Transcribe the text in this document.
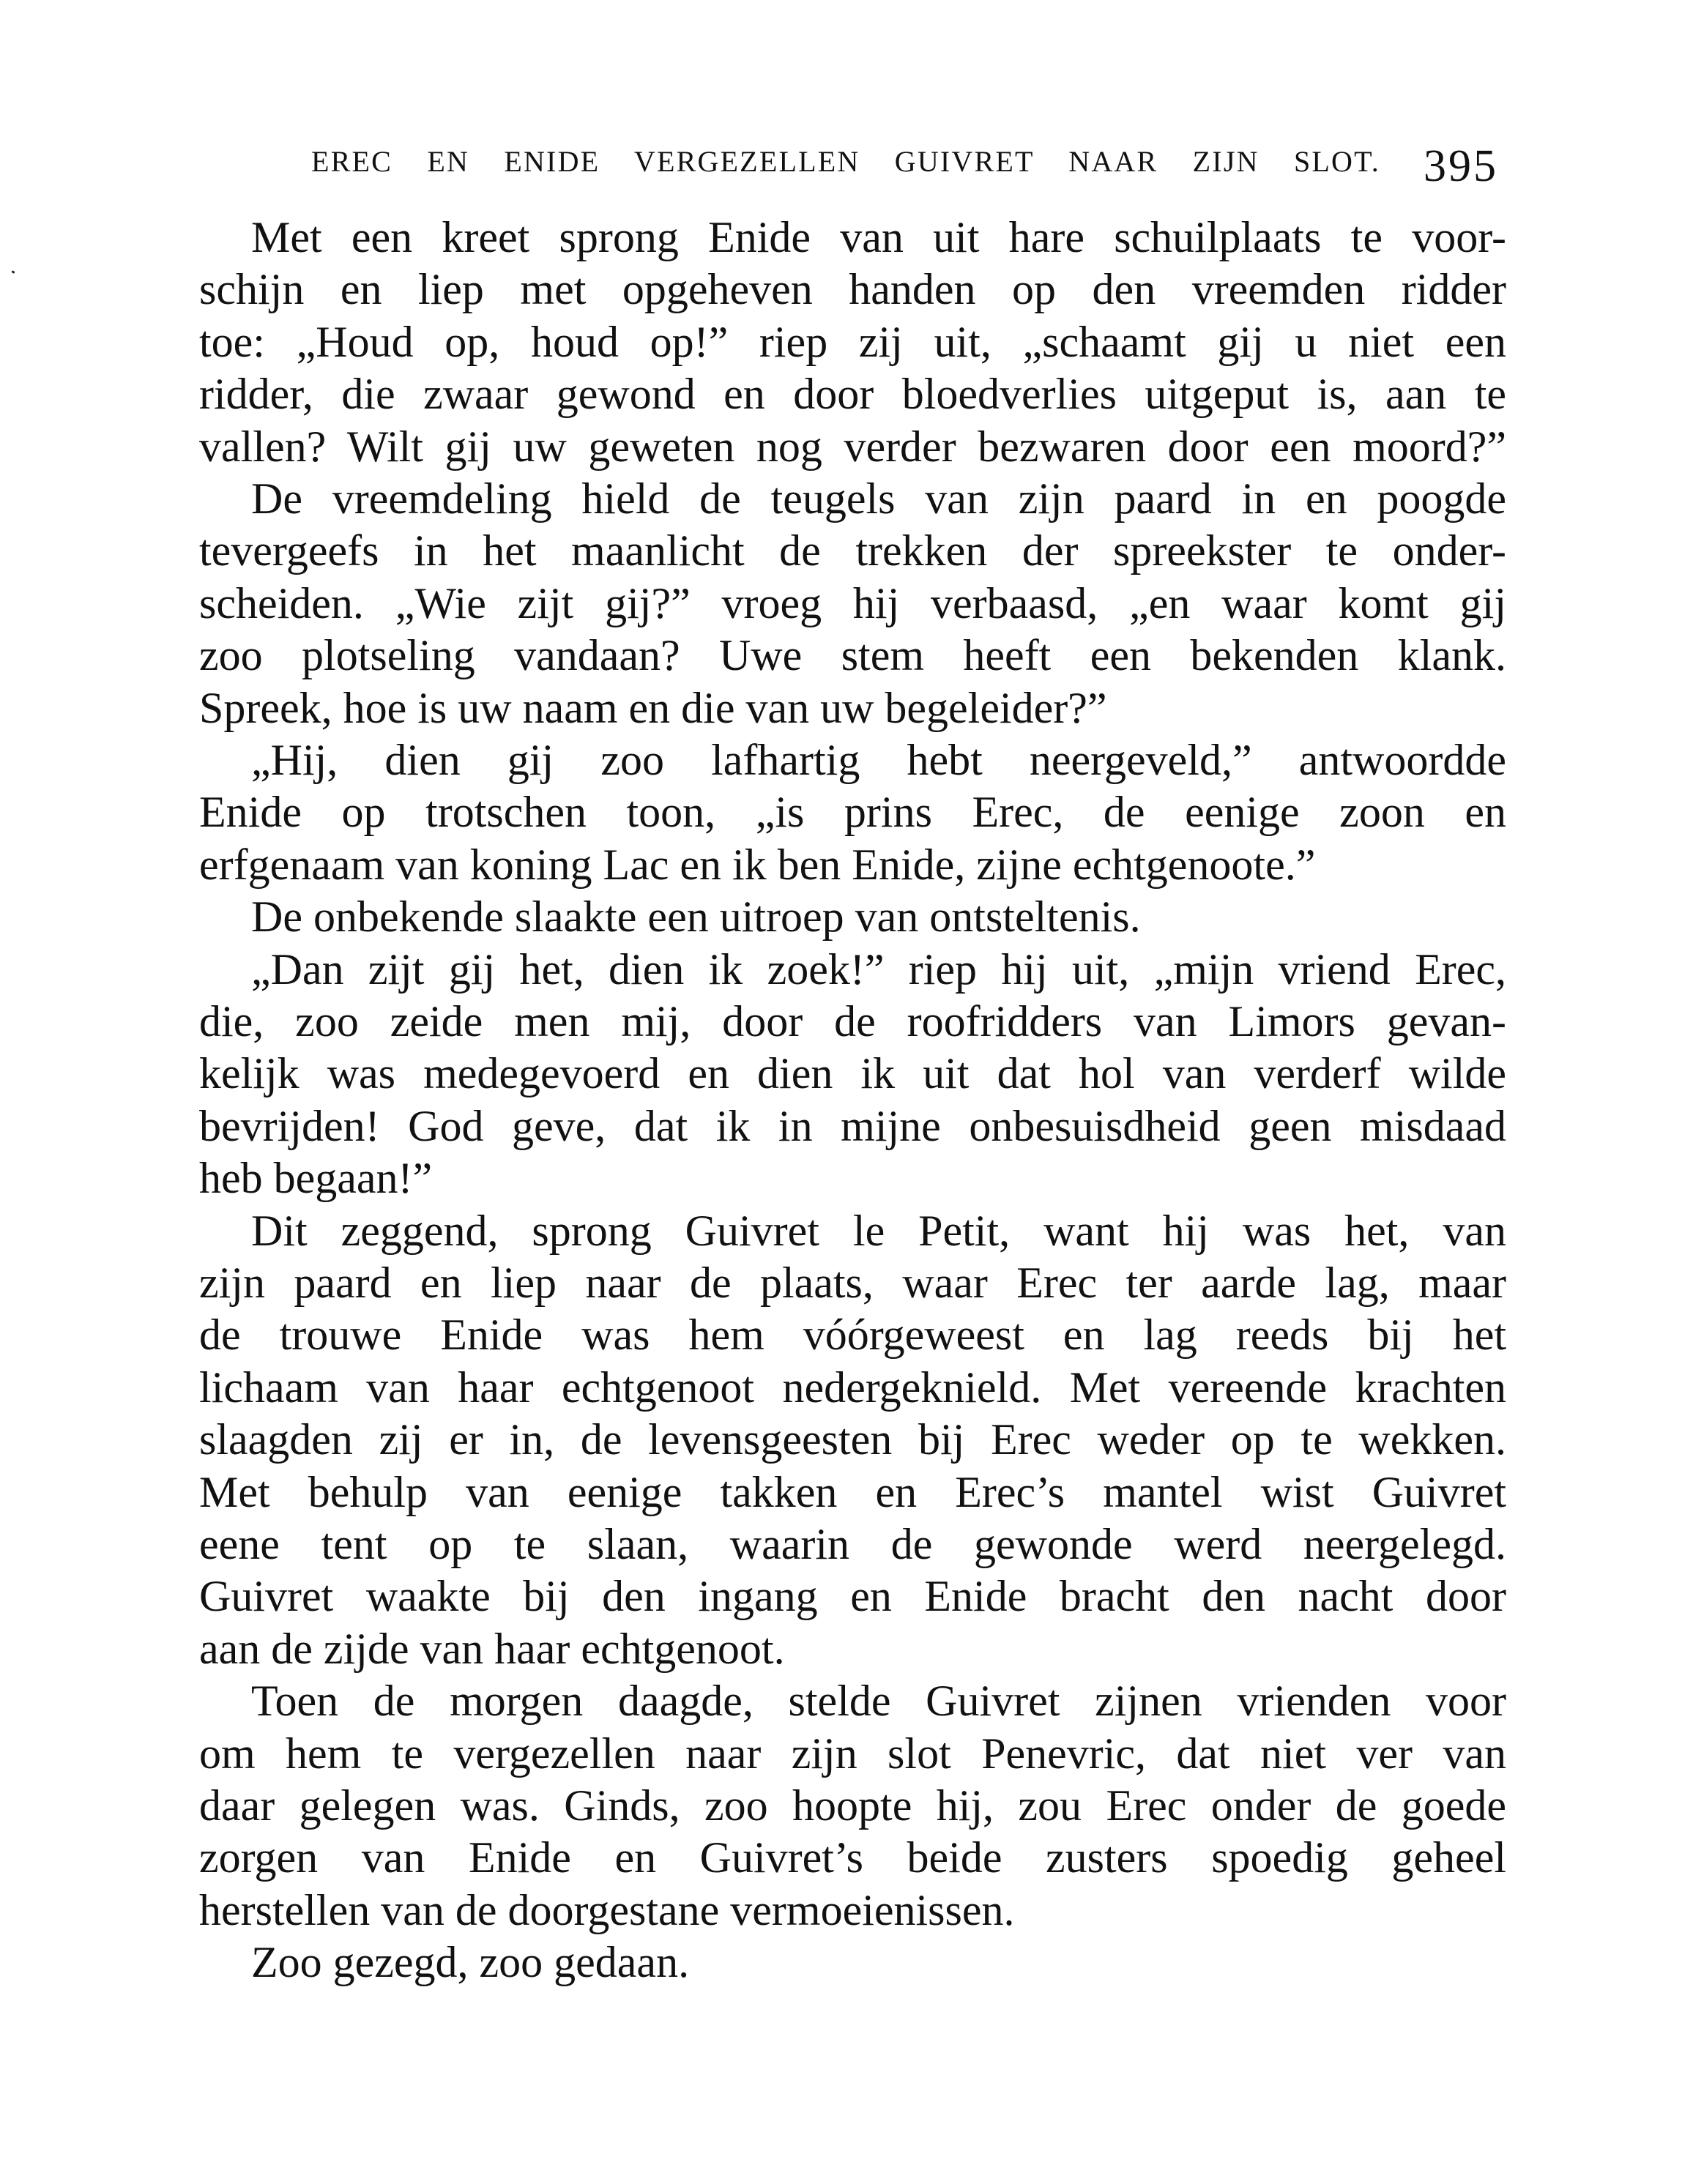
EREC EN ENIDE VERGEZELLEN GUIVRET NAAR ZIJN SLOT. 395
Met een kreet sprong Enide van uit hare schuilplaats te voor-
schijn en liep met opgeheven handen op den vreemden ridder
toe: „Houd op, houd op!” riep zij uit, „schaamt gij u niet een
ridder, die zwaar gewond en door bloedverlies uitgeput is, aan te
vallen? Wilt gij uw geweten nog verder bezwaren door een moord?”
De vreemdeling hield de teugels van zijn paard in en poogde
tevergeefs in het maanlicht de trekken der spreekster te onder-
scheiden. „Wie zijt gij?” vroeg hij verbaasd, „en waar komt gij
zoo plotseling vandaan? Uwe stem heeft een bekenden klank.
Spreek, hoe is uw naam en die van uw begeleider?”
„Hij, dien gij zoo lafhartig hebt neergeveld,” antwoordde
Enide op trotschen toon, „is prins Erec, de eenige zoon en
erfgenaam van koning Lac en ik ben Enide, zijne echtgenoote.”
De onbekende slaakte een uitroep van ontsteltenis.
„Dan zijt gij het, dien ik zoek!” riep hij uit, „mijn vriend Erec,
die, zoo zeide men mij, door de roofridders van Limors gevan-
kelijk was medegevoerd en dien ik uit dat hol van verderf wilde
bevrijden! God geve, dat ik in mijne onbesuisdheid geen misdaad
heb begaan!”
Dit zeggend, sprong Guivret le Petit, want hij was het, van
zijn paard en liep naar de plaats, waar Erec ter aarde lag, maar
de trouwe Enide was hem vóórgeweest en lag reeds bij het
lichaam van haar echtgenoot nedergeknield. Met vereende krachten
slaagden zij er in, de levensgeesten bij Erec weder op te wekken.
Met behulp van eenige takken en Erec’s mantel wist Guivret
eene tent op te slaan, waarin de gewonde werd neergelegd.
Guivret waakte bij den ingang en Enide bracht den nacht door
aan de zijde van haar echtgenoot.
Toen de morgen daagde, stelde Guivret zijnen vrienden voor
om hem te vergezellen naar zijn slot Penevric, dat niet ver van
daar gelegen was. Ginds, zoo hoopte hij, zou Erec onder de goede
zorgen van Enide en Guivret’s beide zusters spoedig geheel
herstellen van de doorgestane vermoeienissen.
Zoo gezegd, zoo gedaan.
